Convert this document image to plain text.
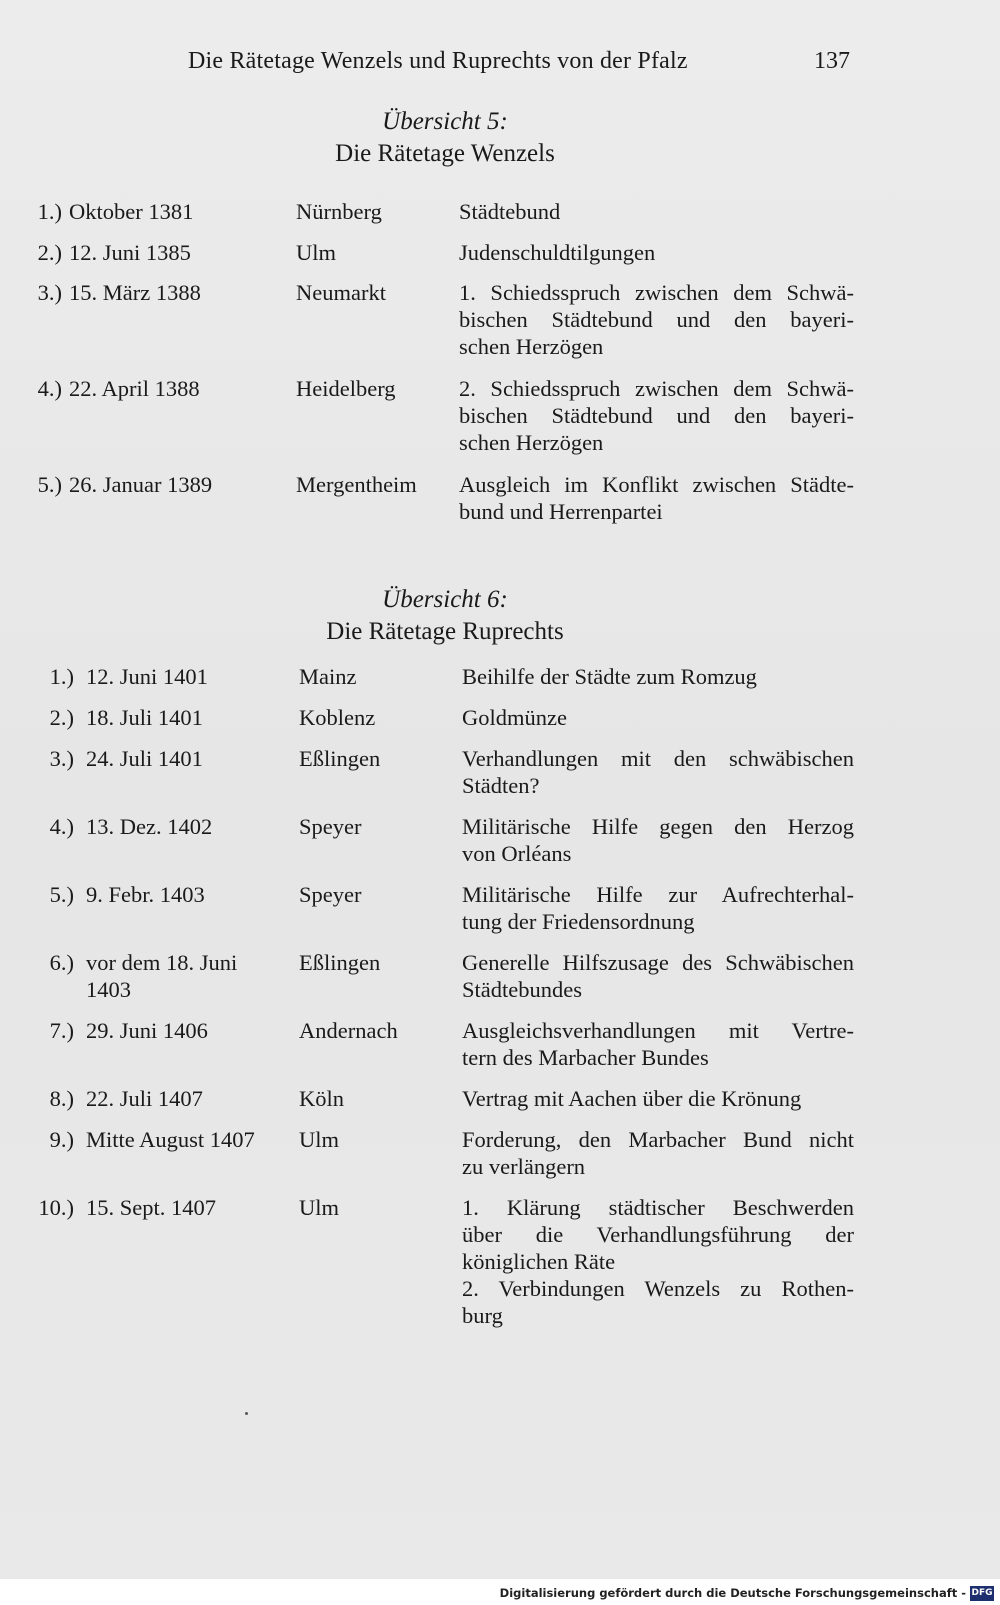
Die Rätetage Wenzels und Ruprechts von der Pfalz	137
Übersicht 5:
Die Rätetage Wenzels
1.) Oktober 1381	Nürnberg	Städtebund
2.) 12. Juni 1385	Ulm	Judenschuldtilgungen
3.) 15. März 1388	Neumarkt	1. Schiedsspruch zwischen dem Schwä-
bischen Städtebund und den bayeri-
schen Herzögen
4.) 22. April 1388	Heidelberg	2. Schiedsspruch zwischen dem Schwä-
bischen Städtebund und den bayeri-
schen Herzögen
5.) 26. Januar 1389	Mergentheim Ausgleich im Konflikt zwischen Städte-
bund und Herrenpartei
Übersicht 6:
Die Rätetage Ruprechts
1.) 12. Juni 1401	Mainz	Beihilfe der Städte zum Romzug
2.) 18. Juli 1401	Koblenz	Goldmünze
3.) 24. Juli 1401	Eßlingen	Verhandlungen mit den schwäbischen
Städten?
4.) 13. Dez. 1402	Speyer	Militärische Hilfe gegen den Herzog
von Orléans
5.) 9. Febr. 1403	Speyer	Militärische Hilfe zur Aufrechterhal-
tung der Friedensordnung
6.) vor dem 18. Juni
1403
Eßlingen	Generelle Hilfszusage des Schwäbischen
Städtebundes
7.) 29. Juni 1406	Andernach	Ausgleichsverhandlungen mit Vertre-
tern des Marbacher Bundes
8.) 22. Juli 1407	Köln	Vertrag mit Aachen über die Krönung
9.) Mitte August 1407 Ulm	Forderung, den Marbacher Bund nicht
zu verlängern
10.) 15. Sept. 1407	Ulm	1. Klärung städtischer Beschwerden
über die Verhandlungsführung der
königlichen Räte
2. Verbindungen Wenzels zu Rothen-
burg
Digitalisierung gefördert durch die Deutsche Forschungsgemeinschaft - DFG
